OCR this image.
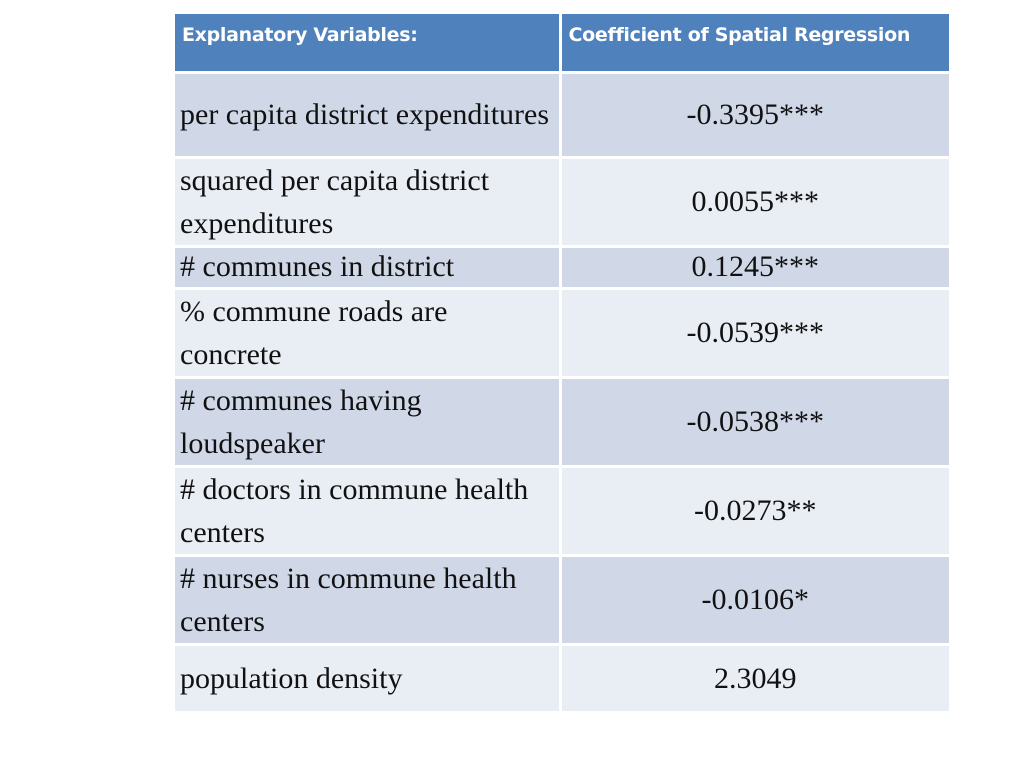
Explanatory Variables:	Coefficient of Spatial Regression
per capita district expenditures	-0.3395***
squared per capita district expenditures	0.0055***
# communes in district	0.1245***
% commune roads are concrete	-0.0539***
# communes having loudspeaker	-0.0538***
# doctors in commune health centers	-0.0273**
# nurses in commune health centers	-0.0106*
population density	2.3049
